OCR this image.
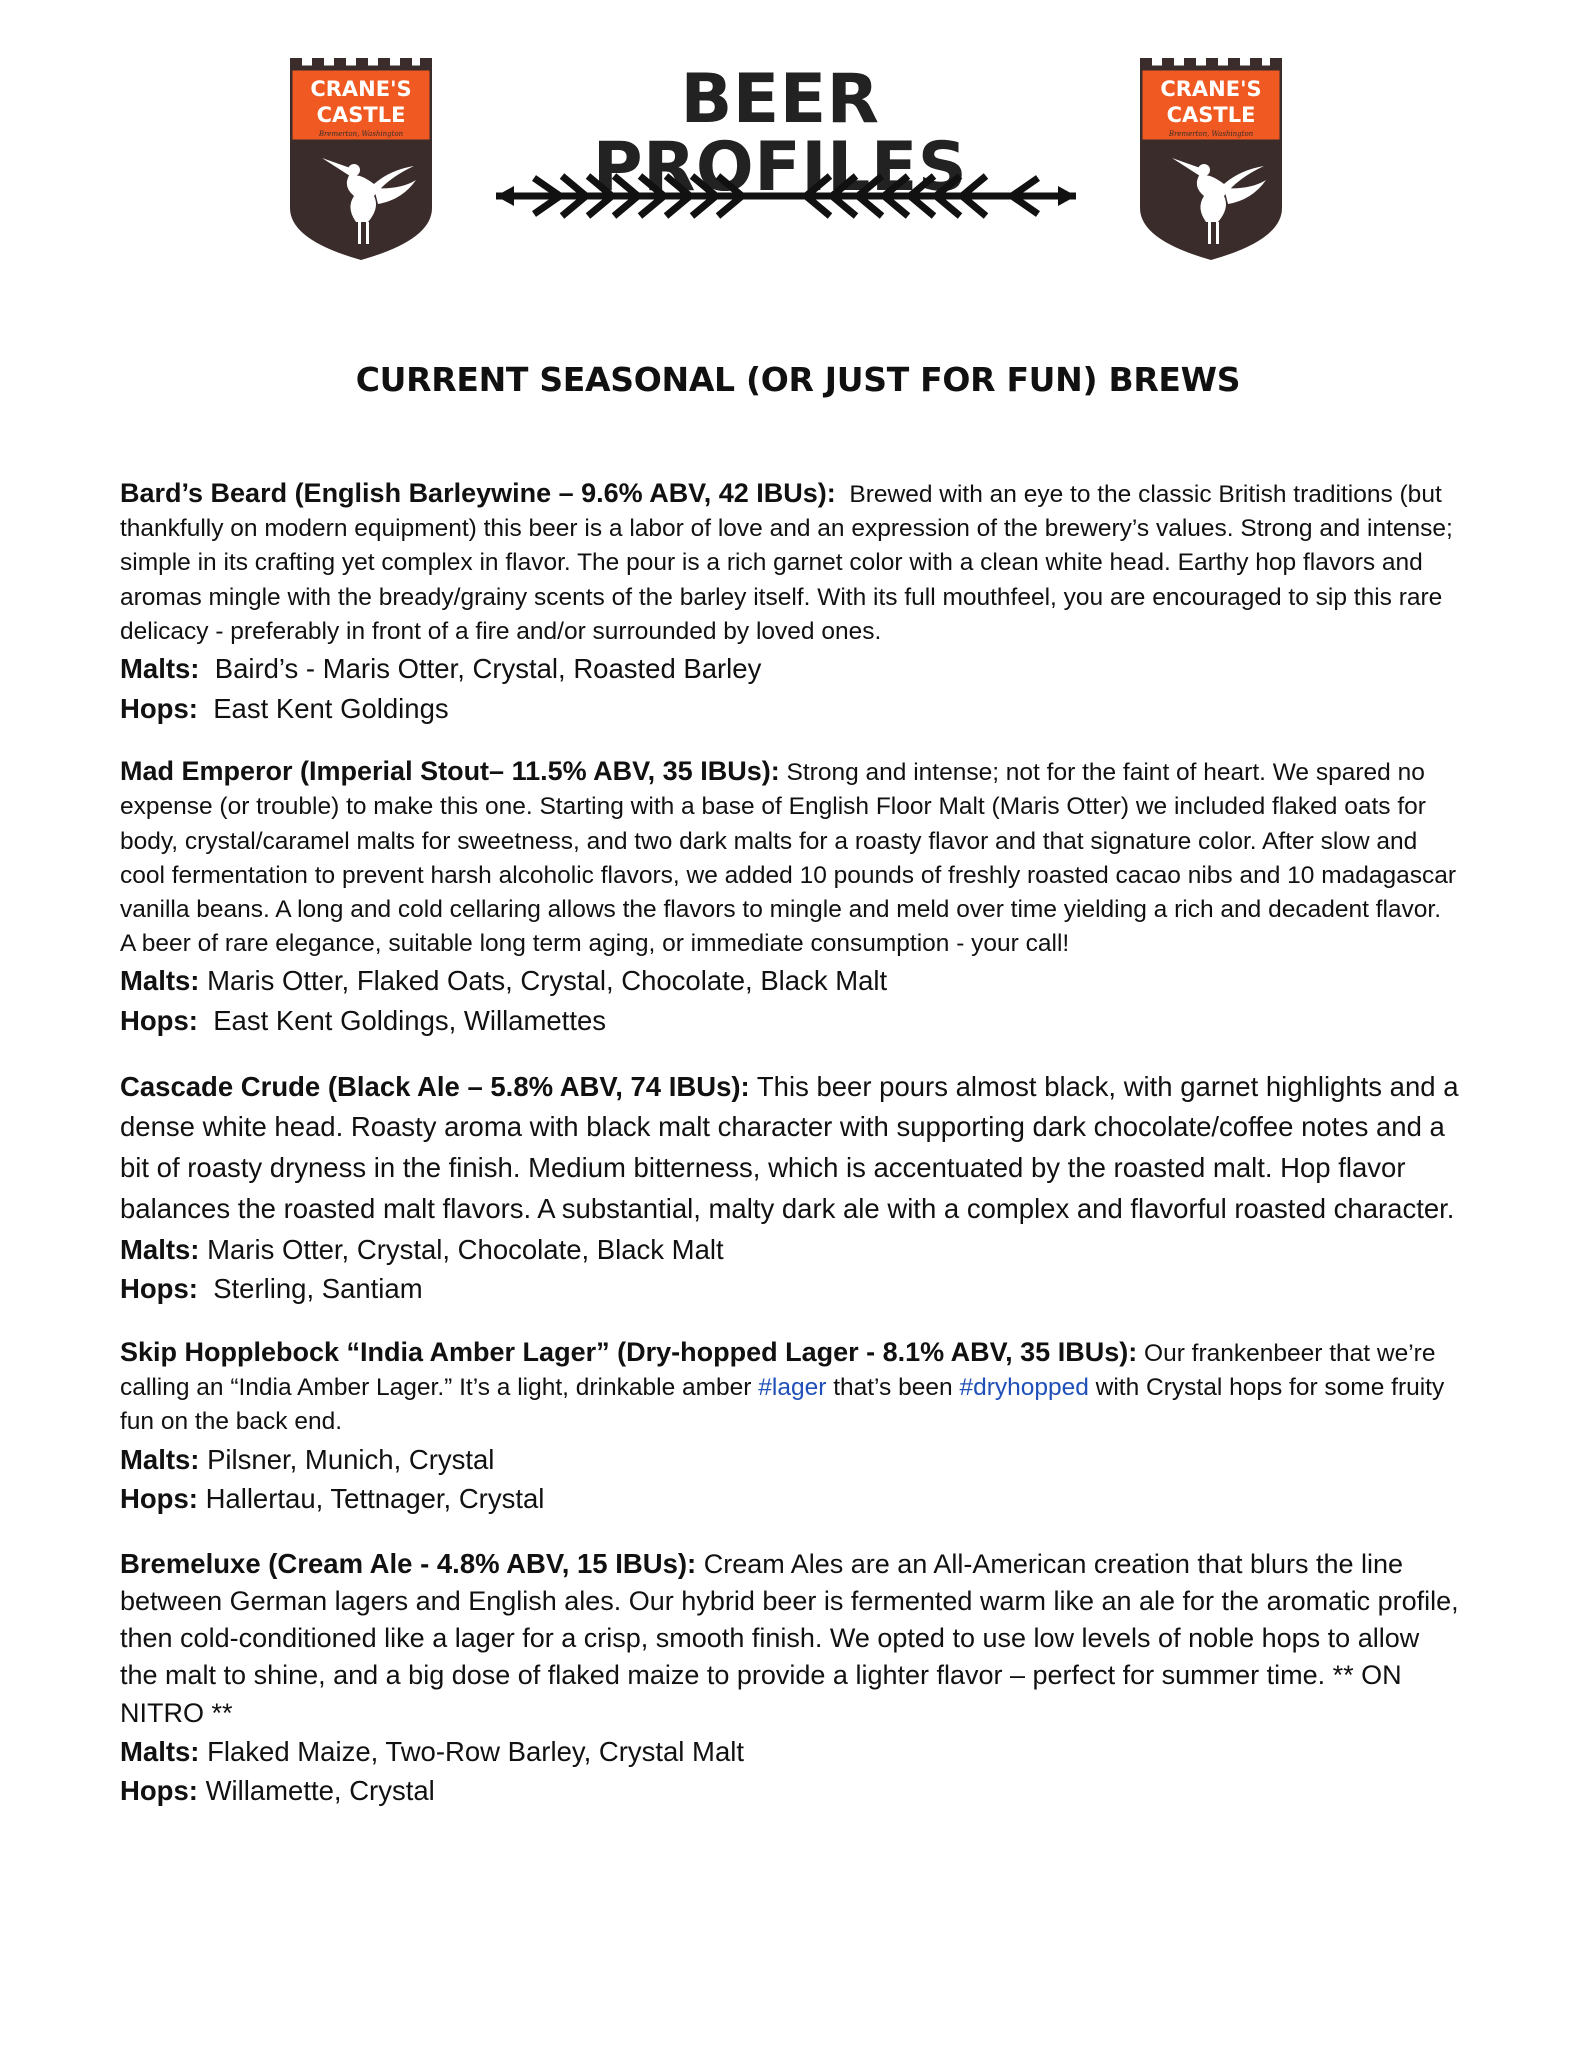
CRANE'S
CASTLE
Bremerton, Washington	BEER PROFILES
CRANE'S
CASTLE
Bremerton, Washington
CURRENT SEASONAL (OR JUST FOR FUN) BREWS

Bard’s Beard (English Barleywine – 9.6% ABV, 42 IBUs): Brewed with an eye to the classic British traditions (but thankfully on modern equipment) this beer is a labor of love and an expression of the brewery’s values. Strong and intense; simple in its crafting yet complex in flavor. The pour is a rich garnet color with a clean white head. Earthy hop flavors and aromas mingle with the bready/grainy scents of the barley itself. With its full mouthfeel, you are encouraged to sip this rare delicacy - preferably in front of a fire and/or surrounded by loved ones.

Malts: Baird’s - Maris Otter, Crystal, Roasted Barley

Hops: East Kent Goldings

Mad Emperor (Imperial Stout– 11.5% ABV, 35 IBUs): Strong and intense; not for the faint of heart. We spared no expense (or trouble) to make this one. Starting with a base of English Floor Malt (Maris Otter) we included flaked oats for body, crystal/caramel malts for sweetness, and two dark malts for a roasty flavor and that signature color. After slow and cool fermentation to prevent harsh alcoholic flavors, we added 10 pounds of freshly roasted cacao nibs and 10 madagascar vanilla beans. A long and cold cellaring allows the flavors to mingle and meld over time yielding a rich and decadent flavor. A beer of rare elegance, suitable long term aging, or immediate consumption - your call!

Malts: Maris Otter, Flaked Oats, Crystal, Chocolate, Black Malt

Hops: East Kent Goldings, Willamettes

Cascade Crude (Black Ale – 5.8% ABV, 74 IBUs): This beer pours almost black, with garnet highlights and a dense white head. Roasty aroma with black malt character with supporting dark chocolate/coffee notes and a bit of roasty dryness in the finish. Medium bitterness, which is accentuated by the roasted malt. Hop flavor balances the roasted malt flavors. A substantial, malty dark ale with a complex and flavorful roasted character.

Malts: Maris Otter, Crystal, Chocolate, Black Malt

Hops: Sterling, Santiam

Skip Hopplebock “India Amber Lager” (Dry-hopped Lager - 8.1% ABV, 35 IBUs): Our frankenbeer that we’re calling an “India Amber Lager.” It’s a light, drinkable amber #lager that’s been #dryhopped with Crystal hops for some fruity fun on the back end.

Malts: Pilsner, Munich, Crystal

Hops: Hallertau, Tettnager, Crystal

Bremeluxe (Cream Ale - 4.8% ABV, 15 IBUs): Cream Ales are an All-American creation that blurs the line between German lagers and English ales. Our hybrid beer is fermented warm like an ale for the aromatic profile, then cold-conditioned like a lager for a crisp, smooth finish. We opted to use low levels of noble hops to allow the malt to shine, and a big dose of flaked maize to provide a lighter flavor – perfect for summer time. ** ON NITRO **

Malts: Flaked Maize, Two-Row Barley, Crystal Malt

Hops: Willamette, Crystal
